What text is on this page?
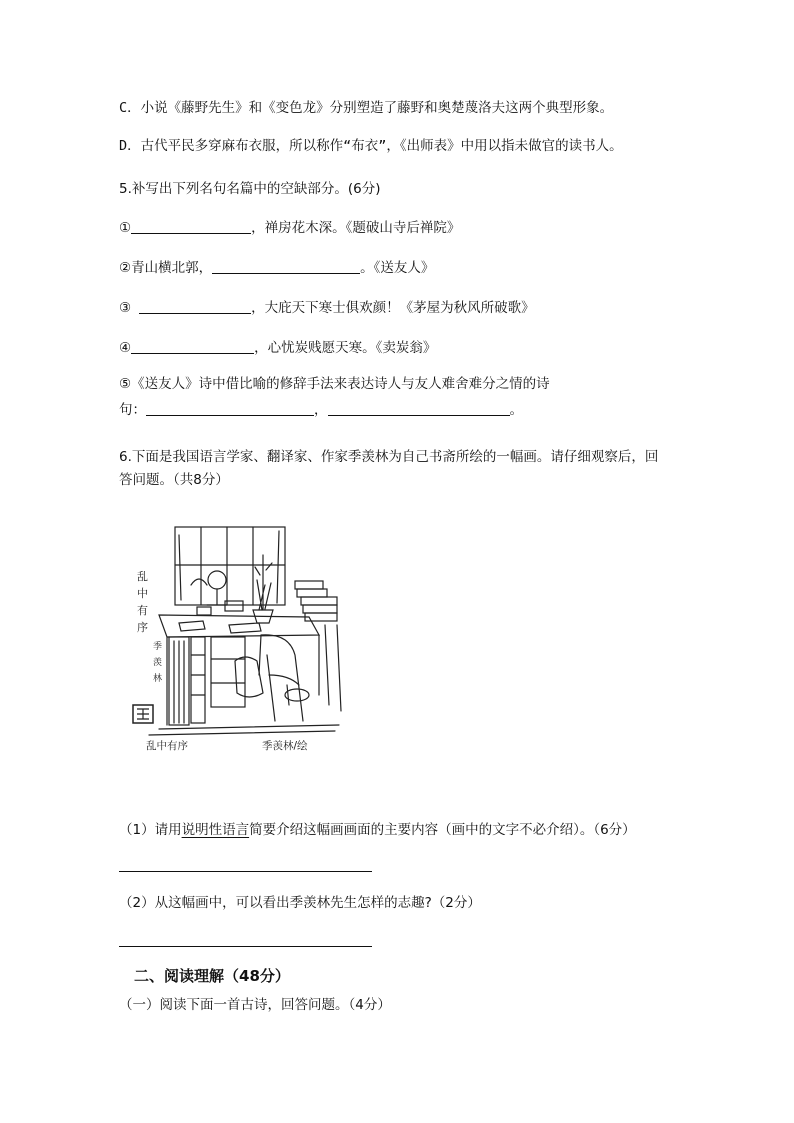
C．小说《藤野先生》和《变色龙》分别塑造了藤野和奥楚蔑洛夫这两个典型形象。
D．古代平民多穿麻布衣服，所以称作“布衣”，《出师表》中用以指未做官的读书人。
5.补写出下列名句名篇中的空缺部分。(6分)
①	，禅房花木深。《题破山寺后禅院》
②青山横北郭，	。《送友人》
③	，大庇天下寒士俱欢颜！《茅屋为秋风所破歌》
④	，心忧炭贱愿天寒。《卖炭翁》
⑤《送友人》诗中借比喻的修辞手法来表达诗人与友人难舍难分之情的诗
句：	，	。
6.下面是我国语言学家、翻译家、作家季羡林为自己书斋所绘的一幅画。请仔细观察后，回
答问题。（共8分）
乱
中
有
序
季
羡
林
乱中有序	季羡林/绘
（1）请用说明性语言简要介绍这幅画画面的主要内容（画中的文字不必介绍）。（6分）
（2）从这幅画中，可以看出季羡林先生怎样的志趣?（2分）
二、阅读理解（48分）
（一）阅读下面一首古诗，回答问题。（4分）
